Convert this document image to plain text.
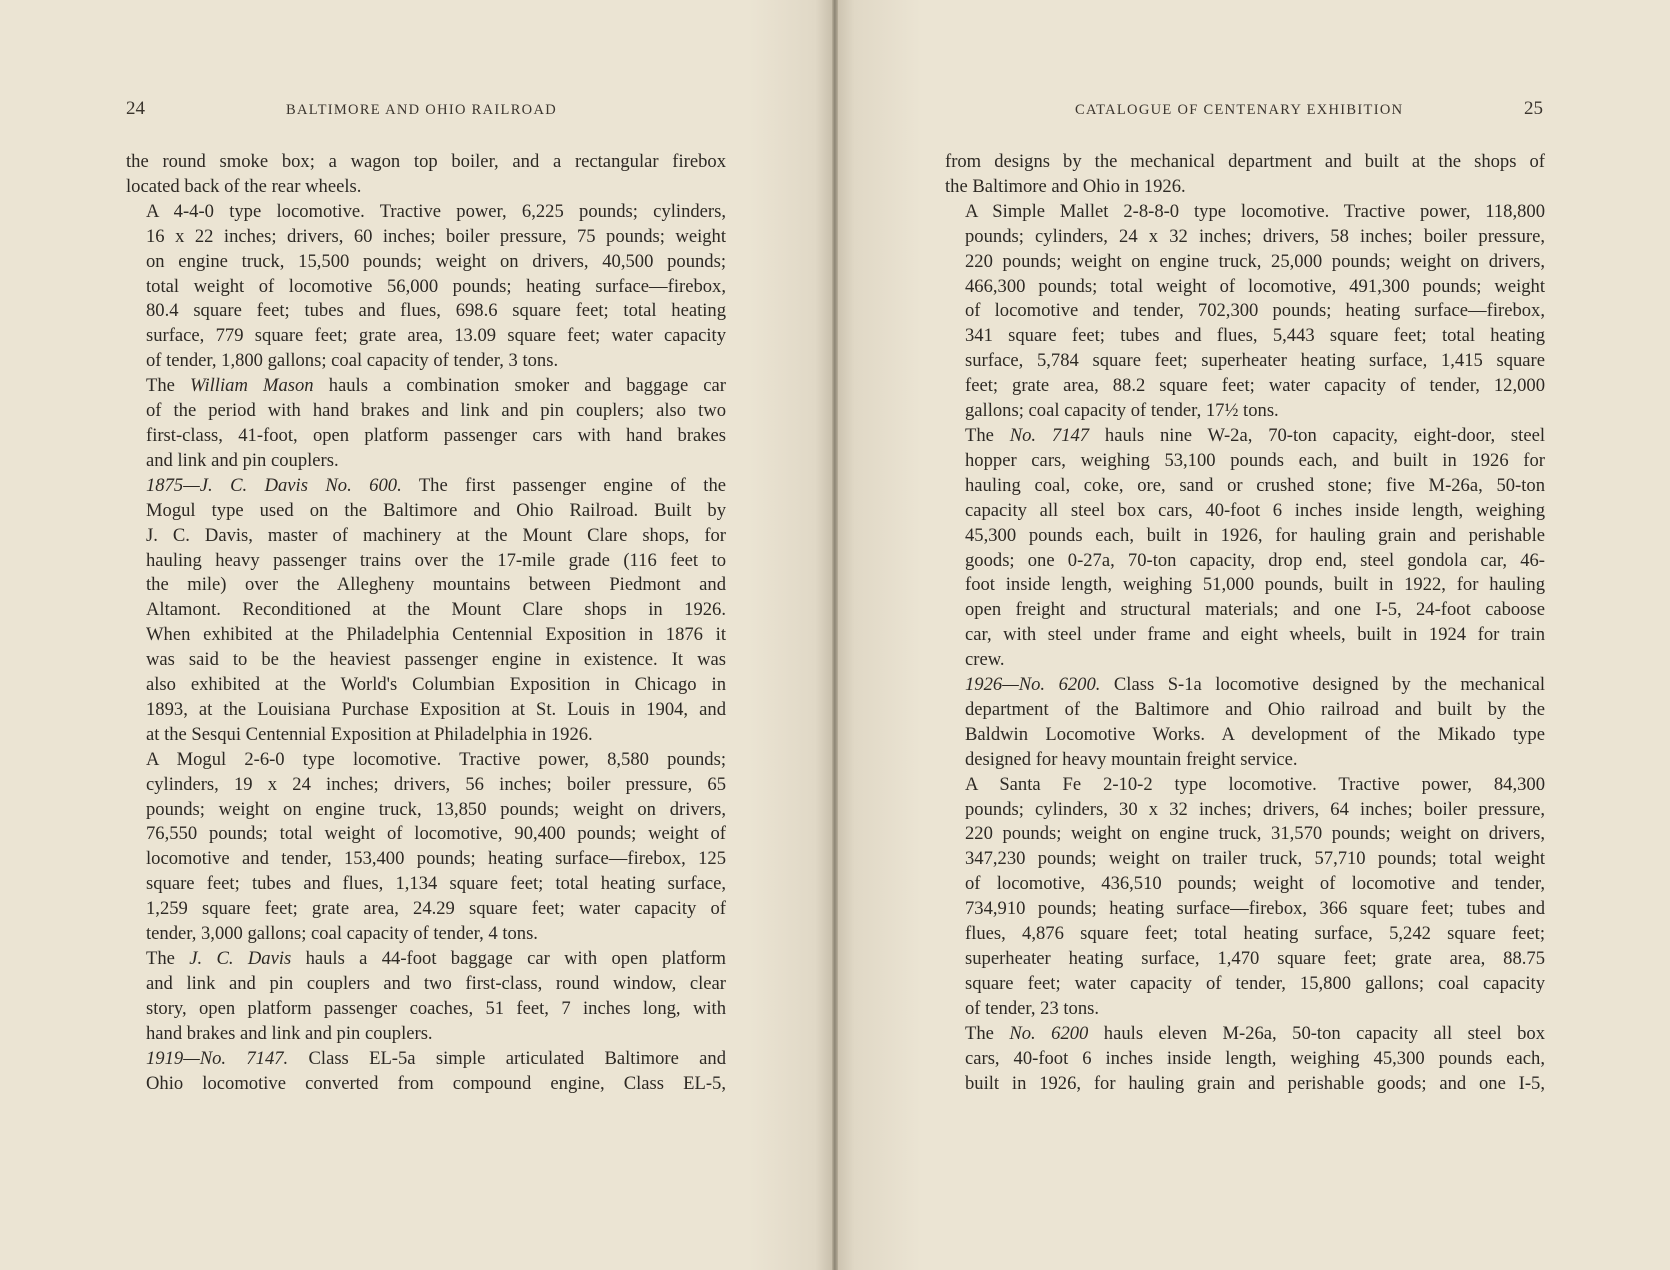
24	BALTIMORE AND OHIO RAILROAD

the round smoke box; a wagon top boiler, and a rectangular firebox
located back of the rear wheels.

A 4-4-0 type locomotive. Tractive power, 6,225 pounds; cylinders,
16 x 22 inches; drivers, 60 inches; boiler pressure, 75 pounds; weight
on engine truck, 15,500 pounds; weight on drivers, 40,500 pounds;
total weight of locomotive 56,000 pounds; heating surface—firebox,
80.4 square feet; tubes and flues, 698.6 square feet; total heating
surface, 779 square feet; grate area, 13.09 square feet; water capacity
of tender, 1,800 gallons; coal capacity of tender, 3 tons.

The William Mason hauls a combination smoker and baggage car
of the period with hand brakes and link and pin couplers; also two
first-class, 41-foot, open platform passenger cars with hand brakes
and link and pin couplers.

1875—J. C. Davis No. 600. The first passenger engine of the
Mogul type used on the Baltimore and Ohio Railroad. Built by
J. C. Davis, master of machinery at the Mount Clare shops, for
hauling heavy passenger trains over the 17-mile grade (116 feet to
the mile) over the Allegheny mountains between Piedmont and
Altamont. Reconditioned at the Mount Clare shops in 1926.
When exhibited at the Philadelphia Centennial Exposition in 1876 it
was said to be the heaviest passenger engine in existence. It was
also exhibited at the World's Columbian Exposition in Chicago in
1893, at the Louisiana Purchase Exposition at St. Louis in 1904, and
at the Sesqui Centennial Exposition at Philadelphia in 1926.

A Mogul 2-6-0 type locomotive. Tractive power, 8,580 pounds;
cylinders, 19 x 24 inches; drivers, 56 inches; boiler pressure, 65
pounds; weight on engine truck, 13,850 pounds; weight on drivers,
76,550 pounds; total weight of locomotive, 90,400 pounds; weight of
locomotive and tender, 153,400 pounds; heating surface—firebox, 125
square feet; tubes and flues, 1,134 square feet; total heating surface,
1,259 square feet; grate area, 24.29 square feet; water capacity of
tender, 3,000 gallons; coal capacity of tender, 4 tons.

The J. C. Davis hauls a 44-foot baggage car with open platform
and link and pin couplers and two first-class, round window, clear
story, open platform passenger coaches, 51 feet, 7 inches long, with
hand brakes and link and pin couplers.

1919—No. 7147. Class EL-5a simple articulated Baltimore and
Ohio locomotive converted from compound engine, Class EL-5,

25
CATALOGUE OF CENTENARY EXHIBITION

from designs by the mechanical department and built at the shops of
the Baltimore and Ohio in 1926.

A Simple Mallet 2-8-8-0 type locomotive. Tractive power, 118,800
pounds; cylinders, 24 x 32 inches; drivers, 58 inches; boiler pressure,
220 pounds; weight on engine truck, 25,000 pounds; weight on drivers,
466,300 pounds; total weight of locomotive, 491,300 pounds; weight
of locomotive and tender, 702,300 pounds; heating surface—firebox,
341 square feet; tubes and flues, 5,443 square feet; total heating
surface, 5,784 square feet; superheater heating surface, 1,415 square
feet; grate area, 88.2 square feet; water capacity of tender, 12,000
gallons; coal capacity of tender, 17½ tons.

The No. 7147 hauls nine W-2a, 70-ton capacity, eight-door, steel
hopper cars, weighing 53,100 pounds each, and built in 1926 for
hauling coal, coke, ore, sand or crushed stone; five M-26a, 50-ton
capacity all steel box cars, 40-foot 6 inches inside length, weighing
45,300 pounds each, built in 1926, for hauling grain and perishable
goods; one 0-27a, 70-ton capacity, drop end, steel gondola car, 46-
foot inside length, weighing 51,000 pounds, built in 1922, for hauling
open freight and structural materials; and one I-5, 24-foot caboose
car, with steel under frame and eight wheels, built in 1924 for train
crew.

1926—No. 6200. Class S-1a locomotive designed by the mechanical
department of the Baltimore and Ohio railroad and built by the
Baldwin Locomotive Works. A development of the Mikado type
designed for heavy mountain freight service.

A Santa Fe 2-10-2 type locomotive. Tractive power, 84,300
pounds; cylinders, 30 x 32 inches; drivers, 64 inches; boiler pressure,
220 pounds; weight on engine truck, 31,570 pounds; weight on drivers,
347,230 pounds; weight on trailer truck, 57,710 pounds; total weight
of locomotive, 436,510 pounds; weight of locomotive and tender,
734,910 pounds; heating surface—firebox, 366 square feet; tubes and
flues, 4,876 square feet; total heating surface, 5,242 square feet;
superheater heating surface, 1,470 square feet; grate area, 88.75
square feet; water capacity of tender, 15,800 gallons; coal capacity
of tender, 23 tons.

The No. 6200 hauls eleven M-26a, 50-ton capacity all steel box
cars, 40-foot 6 inches inside length, weighing 45,300 pounds each,
built in 1926, for hauling grain and perishable goods; and one I-5,
